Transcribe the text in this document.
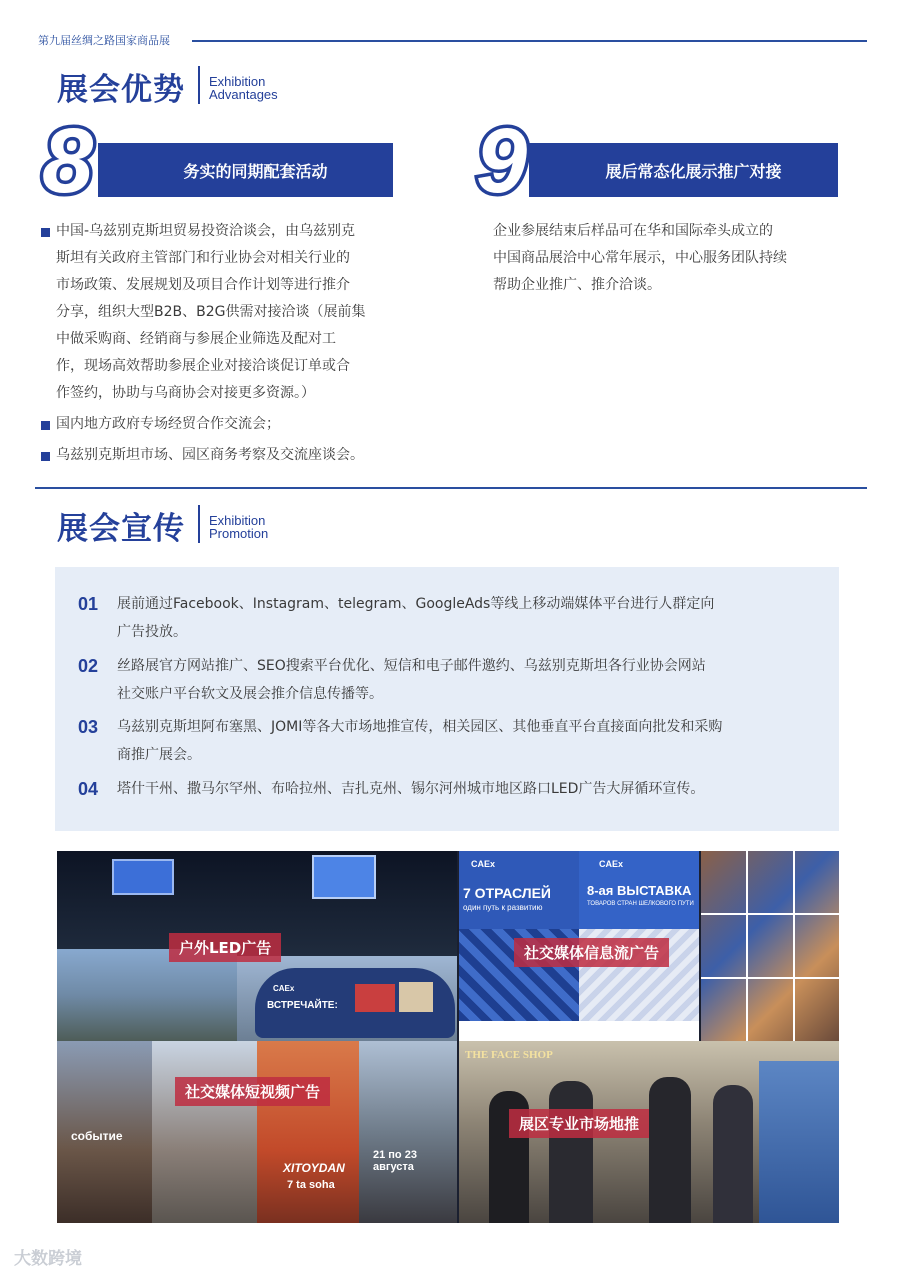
第九届丝绸之路国家商品展
展会优势 Exhibition
Advantages
务实的同期配套活动
8
中国-乌兹别克斯坦贸易投资洽谈会，由乌兹别克
斯坦有关政府主管部门和行业协会对相关行业的
市场政策、发展规划及项目合作计划等进行推介
分享，组织大型B2B、B2G供需对接洽谈（展前集
中做采购商、经销商与参展企业筛选及配对工
作，现场高效帮助参展企业对接洽谈促订单或合
作签约，协助与乌商协会对接更多资源。）
国内地方政府专场经贸合作交流会；
乌兹别克斯坦市场、园区商务考察及交流座谈会。
展后常态化展示推广对接
9
企业参展结束后样品可在华和国际牵头成立的
中国商品展洽中心常年展示，中心服务团队持续
帮助企业推广、推介洽谈。
展会宣传 Exhibition
Promotion
01 展前通过Facebook、Instagram、telegram、GoogleAds等线上移动端媒体平台进行人群定向
广告投放。
02 丝路展官方网站推广、SEO搜索平台优化、短信和电子邮件邀约、乌兹别克斯坦各行业协会网站
社交账户平台软文及展会推介信息传播等。
03 乌兹别克斯坦阿布塞黑、JOMI等各大市场地推宣传，相关园区、其他垂直平台直接面向批发和采购
商推广展会。
04 塔什干州、撒马尔罕州、布哈拉州、吉扎克州、锡尔河州城市地区路口LED广告大屏循环宣传。
CAEx
ВСТРЕЧАЙТЕ:
户外LED广告
CAEx
7 ОТРАСЛЕЙ
один путь к развитию
CAEx
8-ая ВЫСТАВКА
ТОВАРОВ СТРАН ШЕЛКОВОГО ПУТИ
社交媒体信息流广告
событие
XITOYDAN
7 ta soha
21 по 23 августа
社交媒体短视频广告
THE FACE SHOP
展区专业市场地推
大数跨境
